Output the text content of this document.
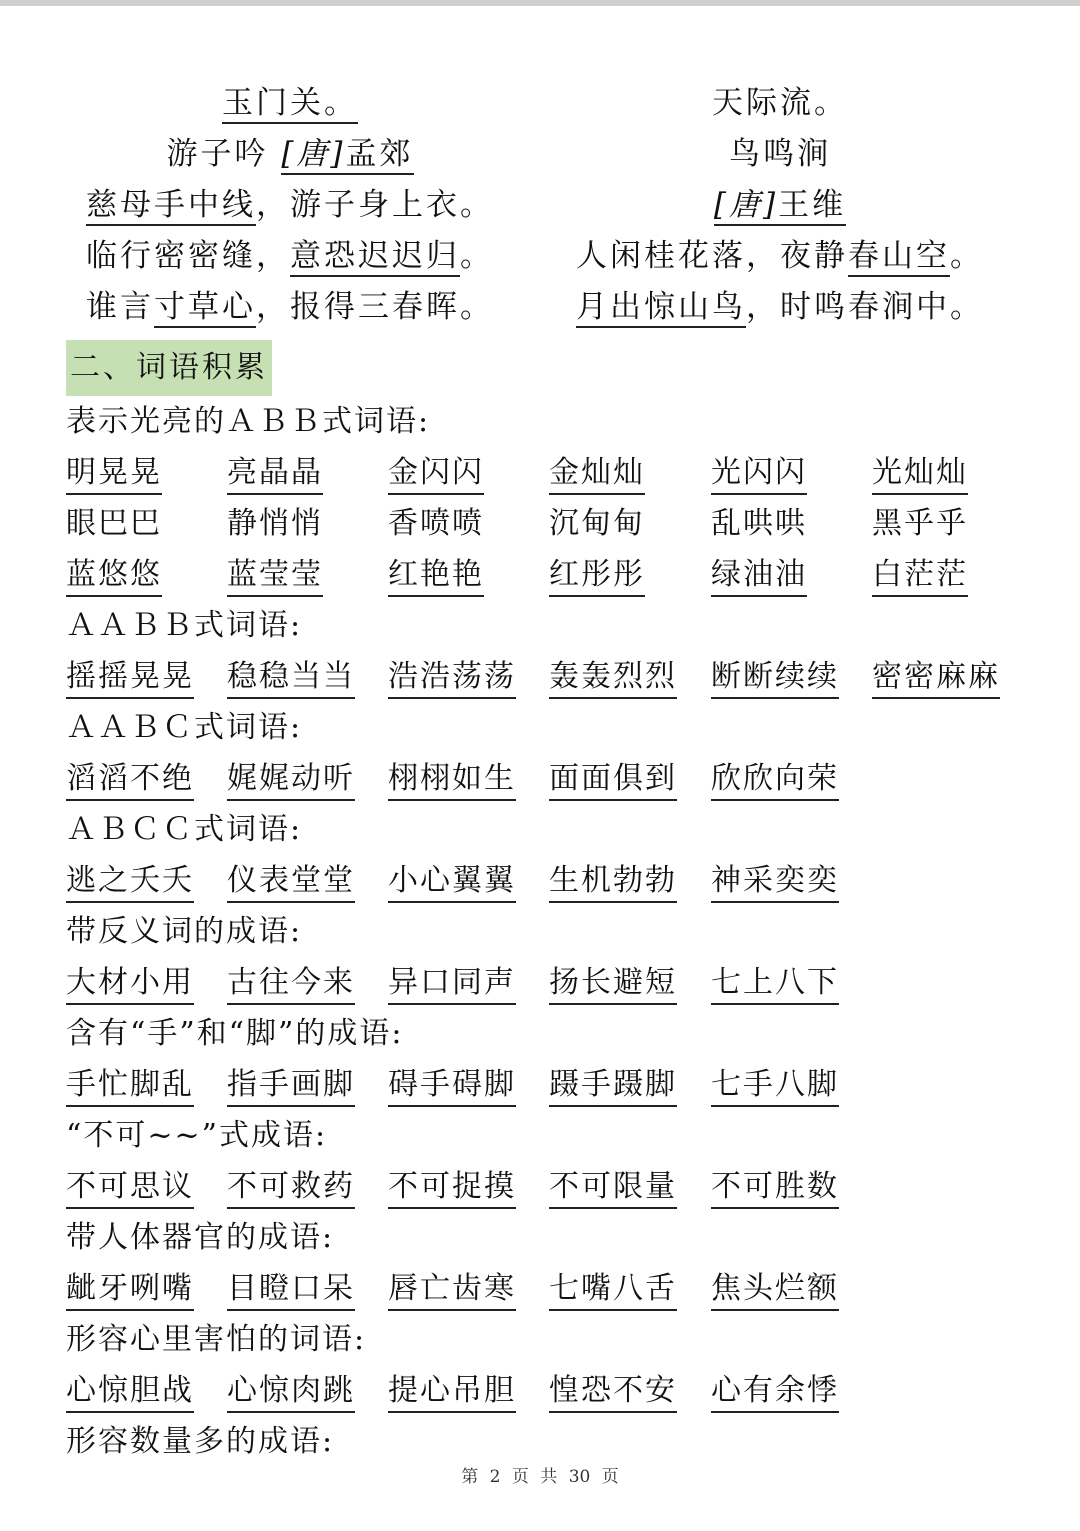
玉门关。
游子吟 [唐]孟郊
慈母手中线，游子身上衣。
临行密密缝，意恐迟迟归。
谁言寸草心，报得三春晖。
天际流。
鸟鸣涧
[唐]王维
人闲桂花落，夜静春山空。
月出惊山鸟，时鸣春涧中。
二、词语积累
表示光亮的ＡＢＢ式词语:
明晃晃 亮晶晶 金闪闪 金灿灿 光闪闪 光灿灿
眼巴巴 静悄悄 香喷喷 沉甸甸 乱哄哄 黑乎乎
蓝悠悠 蓝莹莹 红艳艳 红彤彤 绿油油 白茫茫
ＡＡＢＢ式词语:
摇摇晃晃 稳稳当当 浩浩荡荡 轰轰烈烈 断断续续 密密麻麻
ＡＡＢＣ式词语:
滔滔不绝 娓娓动听 栩栩如生 面面俱到 欣欣向荣
ＡＢＣＣ式词语:
逃之夭夭 仪表堂堂 小心翼翼 生机勃勃 神采奕奕
带反义词的成语:
大材小用 古往今来 异口同声 扬长避短 七上八下
含有“手”和“脚”的成语:
手忙脚乱 指手画脚 碍手碍脚 蹑手蹑脚 七手八脚
“不可~~”式成语:
不可思议 不可救药 不可捉摸 不可限量 不可胜数
带人体器官的成语:
龇牙咧嘴 目瞪口呆 唇亡齿寒 七嘴八舌 焦头烂额
形容心里害怕的词语:
心惊胆战 心惊肉跳 提心吊胆 惶恐不安 心有余悸
形容数量多的成语:
第 2 页 共 30 页
